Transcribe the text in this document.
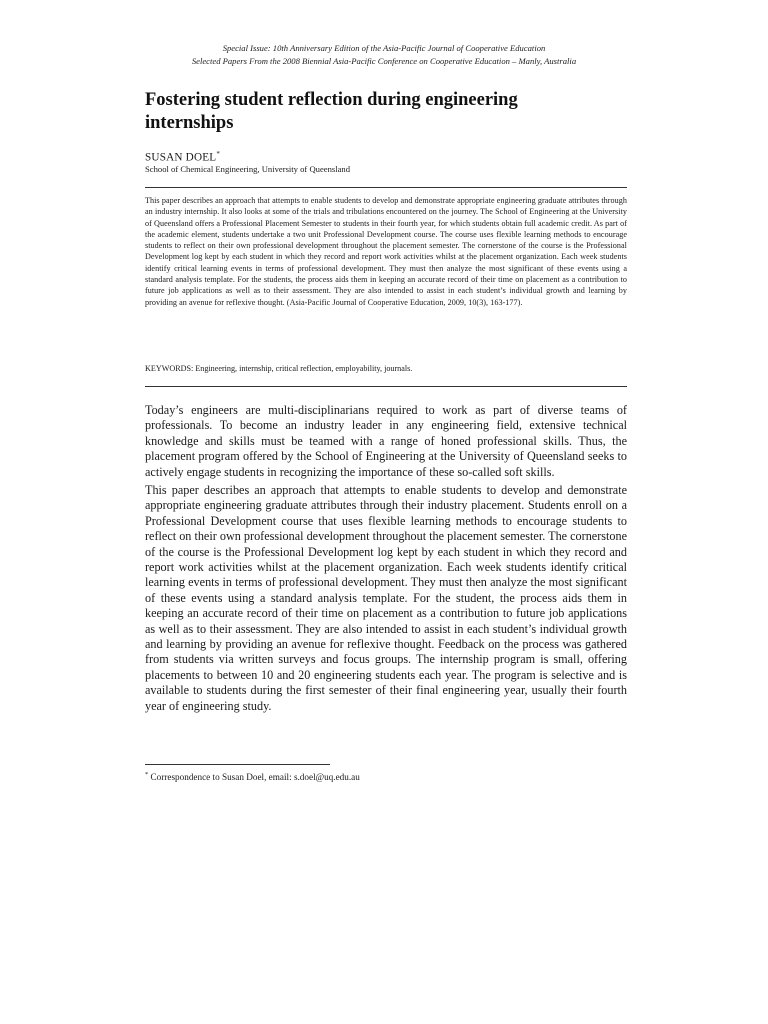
Special Issue: 10th Anniversary Edition of the Asia-Pacific Journal of Cooperative Education
Selected Papers From the 2008 Biennial Asia-Pacific Conference on Cooperative Education – Manly, Australia
Fostering student reflection during engineering internships
SUSAN DOEL*
School of Chemical Engineering, University of Queensland
This paper describes an approach that attempts to enable students to develop and demonstrate appropriate engineering graduate attributes through an industry internship. It also looks at some of the trials and tribulations encountered on the journey. The School of Engineering at the University of Queensland offers a Professional Placement Semester to students in their fourth year, for which students obtain full academic credit. As part of the academic element, students undertake a two unit Professional Development course. The course uses flexible learning methods to encourage students to reflect on their own professional development throughout the placement semester. The cornerstone of the course is the Professional Development log kept by each student in which they record and report work activities whilst at the placement organization. Each week students identify critical learning events in terms of professional development. They must then analyze the most significant of these events using a standard analysis template. For the students, the process aids them in keeping an accurate record of their time on placement as a contribution to future job applications as well as to their assessment. They are also intended to assist in each student’s individual growth and learning by providing an avenue for reflexive thought. (Asia-Pacific Journal of Cooperative Education, 2009, 10(3), 163-177).
KEYWORDS: Engineering, internship, critical reflection, employability, journals.
Today’s engineers are multi-disciplinarians required to work as part of diverse teams of professionals. To become an industry leader in any engineering field, extensive technical knowledge and skills must be teamed with a range of honed professional skills. Thus, the placement program offered by the School of Engineering at the University of Queensland seeks to actively engage students in recognizing the importance of these so-called soft skills.
This paper describes an approach that attempts to enable students to develop and demonstrate appropriate engineering graduate attributes through their industry placement. Students enroll on a Professional Development course that uses flexible learning methods to encourage students to reflect on their own professional development throughout the placement semester. The cornerstone of the course is the Professional Development log kept by each student in which they record and report work activities whilst at the placement organization. Each week students identify critical learning events in terms of professional development. They must then analyze the most significant of these events using a standard analysis template. For the student, the process aids them in keeping an accurate record of their time on placement as a contribution to future job applications as well as to their assessment. They are also intended to assist in each student’s individual growth and learning by providing an avenue for reflexive thought. Feedback on the process was gathered from students via written surveys and focus groups. The internship program is small, offering placements to between 10 and 20 engineering students each year. The program is selective and is available to students during the first semester of their final engineering year, usually their fourth year of engineering study.
* Correspondence to Susan Doel, email: s.doel@uq.edu.au
